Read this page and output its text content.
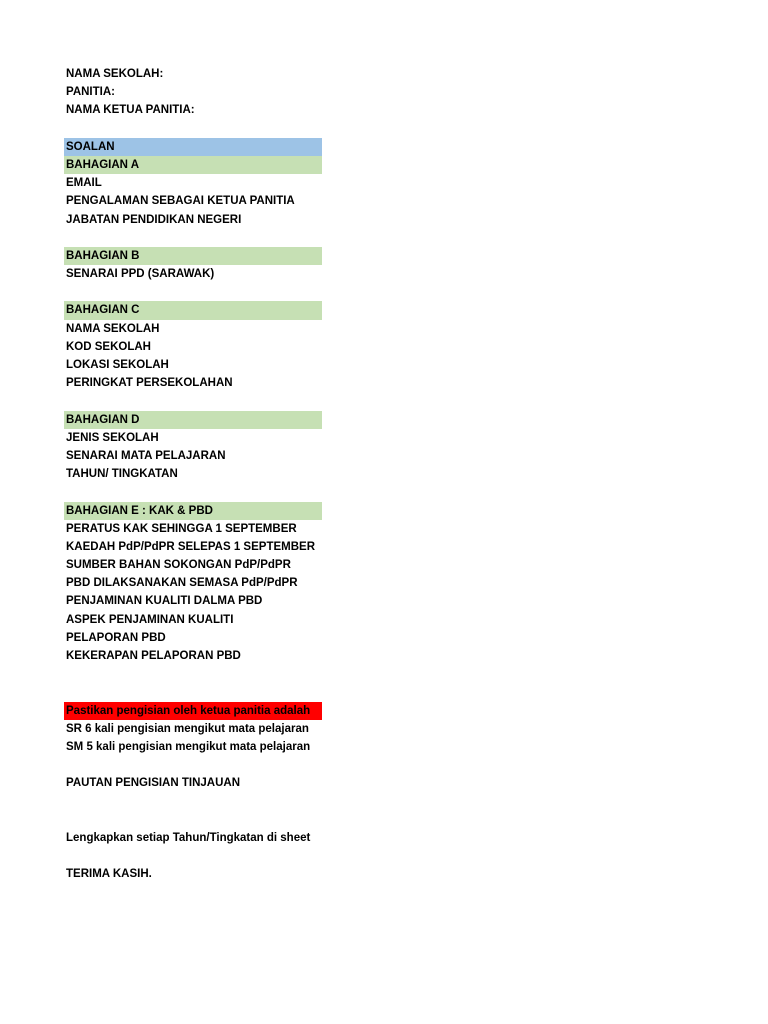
NAMA SEKOLAH:
PANITIA:
NAMA KETUA PANITIA:
SOALAN
BAHAGIAN A
EMAIL
PENGALAMAN SEBAGAI KETUA PANITIA
JABATAN PENDIDIKAN NEGERI
BAHAGIAN B
SENARAI PPD (SARAWAK)
BAHAGIAN C
NAMA SEKOLAH
KOD SEKOLAH
LOKASI SEKOLAH
PERINGKAT PERSEKOLAHAN
BAHAGIAN D
JENIS SEKOLAH
SENARAI MATA PELAJARAN
TAHUN/ TINGKATAN
BAHAGIAN E : KAK & PBD
PERATUS KAK SEHINGGA 1 SEPTEMBER
KAEDAH PdP/PdPR SELEPAS 1 SEPTEMBER
SUMBER BAHAN SOKONGAN PdP/PdPR
PBD DILAKSANAKAN SEMASA PdP/PdPR
PENJAMINAN KUALITI DALMA PBD
ASPEK PENJAMINAN KUALITI
PELAPORAN PBD
KEKERAPAN PELAPORAN PBD
Pastikan pengisian oleh ketua panitia adalah
SR 6 kali pengisian mengikut mata pelajaran
SM 5 kali pengisian mengikut mata pelajaran
PAUTAN PENGISIAN TINJAUAN
Lengkapkan setiap Tahun/Tingkatan di sheet
TERIMA KASIH.
